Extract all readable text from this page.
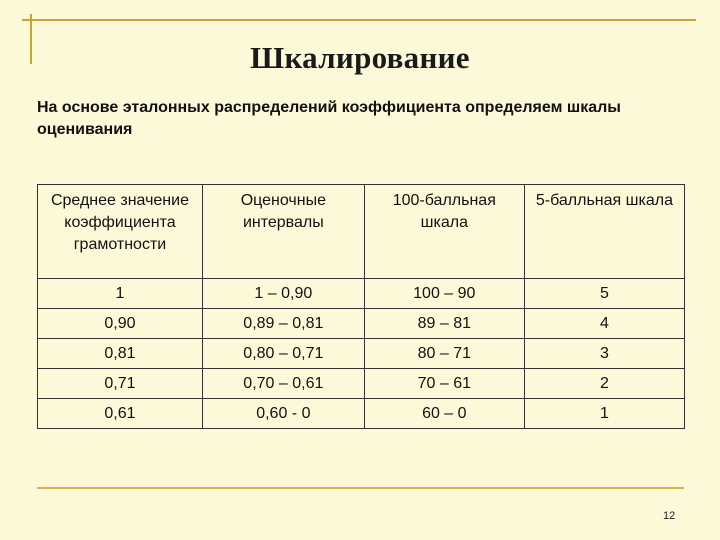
Шкалирование
На основе эталонных распределений коэффициента определяем шкалы оценивания
Среднее значение коэффициента грамотности	Оценочные интервалы	100-балльная шкала	5-балльная шкала
1	1 – 0,90	100 – 90	5
0,90	0,89 – 0,81	89 – 81	4
0,81	0,80 – 0,71	80 – 71	3
0,71	0,70 – 0,61	70 – 61	2
0,61	0,60 - 0	60 – 0	1
12
